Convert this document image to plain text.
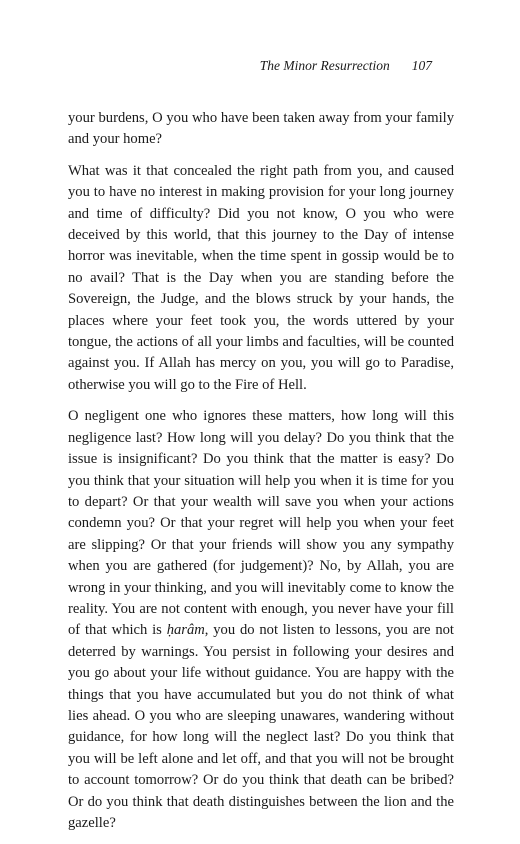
The Minor Resurrection 107

your burdens, O you who have been taken away from your family and your home?

What was it that concealed the right path from you, and caused you to have no interest in making provision for your long journey and time of difficulty? Did you not know, O you who were deceived by this world, that this journey to the Day of intense horror was inevitable, when the time spent in gossip would be to no avail? That is the Day when you are standing before the Sovereign, the Judge, and the blows struck by your hands, the places where your feet took you, the words uttered by your tongue, the actions of all your limbs and faculties, will be counted against you. If Allah has mercy on you, you will go to Paradise, otherwise you will go to the Fire of Hell.

O negligent one who ignores these matters, how long will this negligence last? How long will you delay? Do you think that the issue is insignificant? Do you think that the matter is easy? Do you think that your situation will help you when it is time for you to depart? Or that your wealth will save you when your actions condemn you? Or that your regret will help you when your feet are slipping? Or that your friends will show you any sympathy when you are gathered (for judgement)? No, by Allah, you are wrong in your thinking, and you will inevitably come to know the reality. You are not content with enough, you never have your fill of that which is ḥarâm, you do not listen to lessons, you are not deterred by warnings. You persist in following your desires and you go about your life without guidance. You are happy with the things that you have accumulated but you do not think of what lies ahead. O you who are sleeping unawares, wandering without guidance, for how long will the neglect last? Do you think that you will be left alone and let off, and that you will not be brought to account tomorrow? Or do you think that death can be bribed? Or do you think that death distinguishes between the lion and the gazelle?
